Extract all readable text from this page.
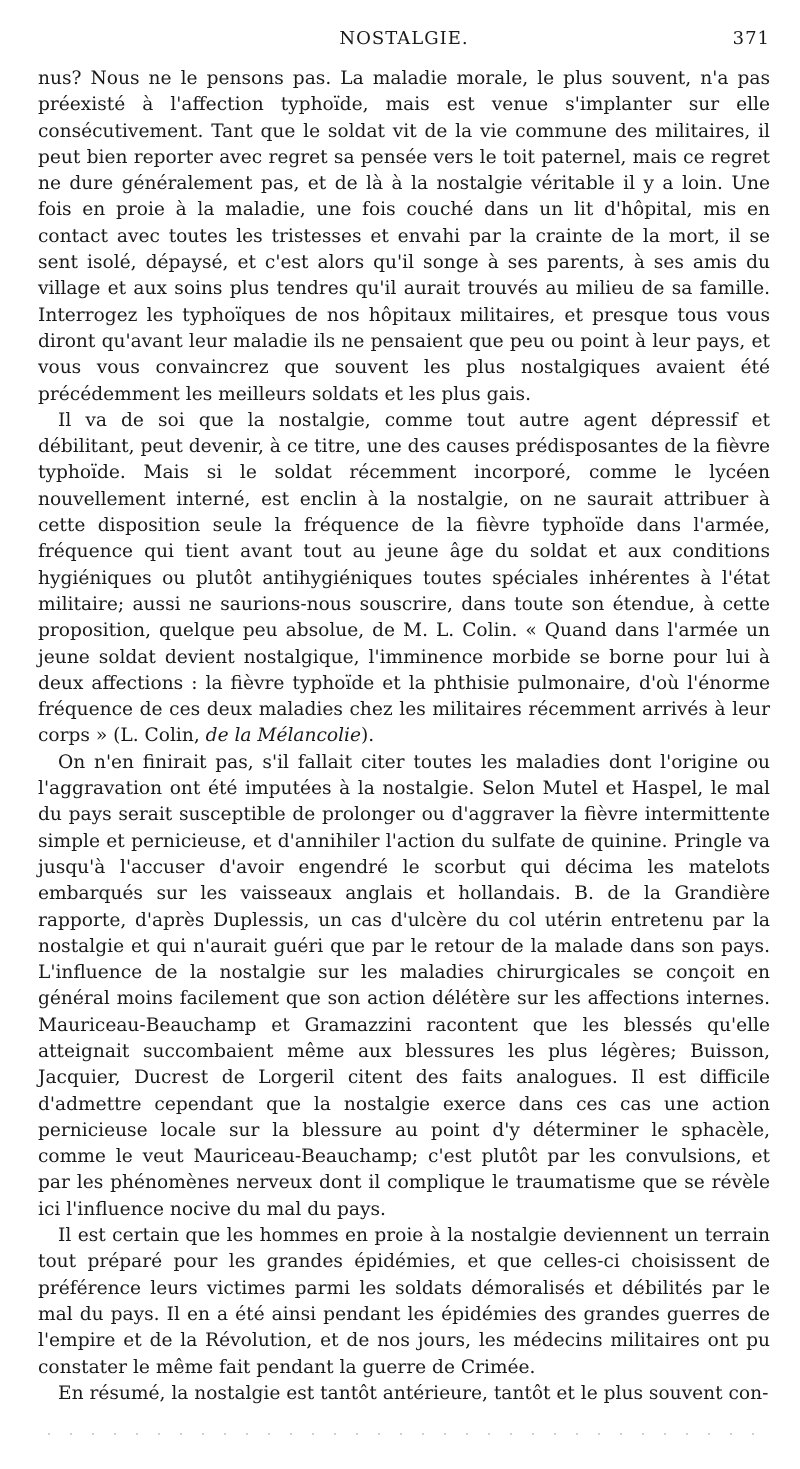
NOSTALGIE.	371

nus? Nous ne le pensons pas. La maladie morale, le plus souvent, n'a pas préexisté à l'affection typhoïde, mais est venue s'implanter sur elle consécutivement. Tant que le soldat vit de la vie commune des militaires, il peut bien reporter avec regret sa pensée vers le toit paternel, mais ce regret ne dure généralement pas, et de là à la nostalgie véritable il y a loin. Une fois en proie à la maladie, une fois couché dans un lit d'hôpital, mis en contact avec toutes les tristesses et envahi par la crainte de la mort, il se sent isolé, dépaysé, et c'est alors qu'il songe à ses parents, à ses amis du village et aux soins plus tendres qu'il aurait trouvés au milieu de sa famille. Interrogez les typhoïques de nos hôpitaux militaires, et presque tous vous diront qu'avant leur maladie ils ne pensaient que peu ou point à leur pays, et vous vous convaincrez que souvent les plus nostalgiques avaient été précédemment les meilleurs soldats et les plus gais.

Il va de soi que la nostalgie, comme tout autre agent dépressif et débilitant, peut devenir, à ce titre, une des causes prédisposantes de la fièvre typhoïde. Mais si le soldat récemment incorporé, comme le lycéen nouvellement interné, est enclin à la nostalgie, on ne saurait attribuer à cette disposition seule la fréquence de la fièvre typhoïde dans l'armée, fréquence qui tient avant tout au jeune âge du soldat et aux conditions hygiéniques ou plutôt antihygiéniques toutes spéciales inhérentes à l'état militaire; aussi ne saurions-nous souscrire, dans toute son étendue, à cette proposition, quelque peu absolue, de M. L. Colin. « Quand dans l'armée un jeune soldat devient nostalgique, l'imminence morbide se borne pour lui à deux affections : la fièvre typhoïde et la phthisie pulmonaire, d'où l'énorme fréquence de ces deux maladies chez les militaires récemment arrivés à leur corps » (L. Colin, de la Mélancolie).

On n'en finirait pas, s'il fallait citer toutes les maladies dont l'origine ou l'aggravation ont été imputées à la nostalgie. Selon Mutel et Haspel, le mal du pays serait susceptible de prolonger ou d'aggraver la fièvre intermittente simple et pernicieuse, et d'annihiler l'action du sulfate de quinine. Pringle va jusqu'à l'accuser d'avoir engendré le scorbut qui décima les matelots embarqués sur les vaisseaux anglais et hollandais. B. de la Grandière rapporte, d'après Duplessis, un cas d'ulcère du col utérin entretenu par la nostalgie et qui n'aurait guéri que par le retour de la malade dans son pays. L'influence de la nostalgie sur les maladies chirurgicales se conçoit en général moins facilement que son action délétère sur les affections internes. Mauriceau-Beauchamp et Gramazzini racontent que les blessés qu'elle atteignait succombaient même aux blessures les plus légères; Buisson, Jacquier, Ducrest de Lorgeril citent des faits analogues. Il est difficile d'admettre cependant que la nostalgie exerce dans ces cas une action pernicieuse locale sur la blessure au point d'y déterminer le sphacèle, comme le veut Mauriceau-Beauchamp; c'est plutôt par les convulsions, et par les phénomènes nerveux dont il complique le traumatisme que se révèle ici l'influence nocive du mal du pays.

Il est certain que les hommes en proie à la nostalgie deviennent un terrain tout préparé pour les grandes épidémies, et que celles-ci choisissent de préférence leurs victimes parmi les soldats démoralisés et débilités par le mal du pays. Il en a été ainsi pendant les épidémies des grandes guerres de l'empire et de la Révolution, et de nos jours, les médecins militaires ont pu constater le même fait pendant la guerre de Crimée.

En résumé, la nostalgie est tantôt antérieure, tantôt et le plus souvent con-
